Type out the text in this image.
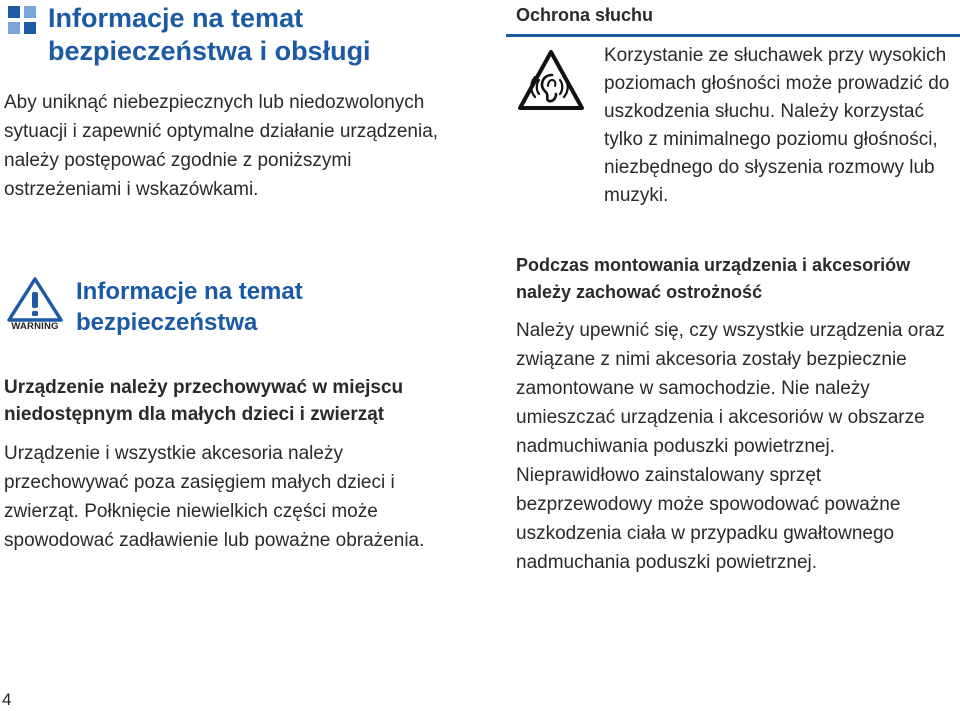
Informacje na temat
bezpieczeństwa i obsługi

Aby uniknąć niebezpiecznych lub niedozwolonych sytuacji i zapewnić optymalne działanie urządzenia, należy postępować zgodnie z poniższymi ostrzeżeniami i wskazówkami.

WARNING
Informacje na temat
bezpieczeństwa
Urządzenie należy przechowywać w miejscu niedostępnym dla małych dzieci i zwierząt

Urządzenie i wszystkie akcesoria należy przechowywać poza zasięgiem małych dzieci i zwierząt. Połknięcie niewielkich części może spowodować zadławienie lub poważne obrażenia.

4
Ochrona słuchu

Korzystanie ze słuchawek przy wysokich poziomach głośności może prowadzić do uszkodzenia słuchu. Należy korzystać tylko z minimalnego poziomu głośności, niezbędnego do słyszenia rozmowy lub muzyki.

Podczas montowania urządzenia i akcesoriów należy zachować ostrożność

Należy upewnić się, czy wszystkie urządzenia oraz związane z nimi akcesoria zostały bezpiecznie zamontowane w samochodzie. Nie należy umieszczać urządzenia i akcesoriów w obszarze nadmuchiwania poduszki powietrznej. Nieprawidłowo zainstalowany sprzęt bezprzewodowy może spowodować poważne uszkodzenia ciała w przypadku gwałtownego nadmuchania poduszki powietrznej.
